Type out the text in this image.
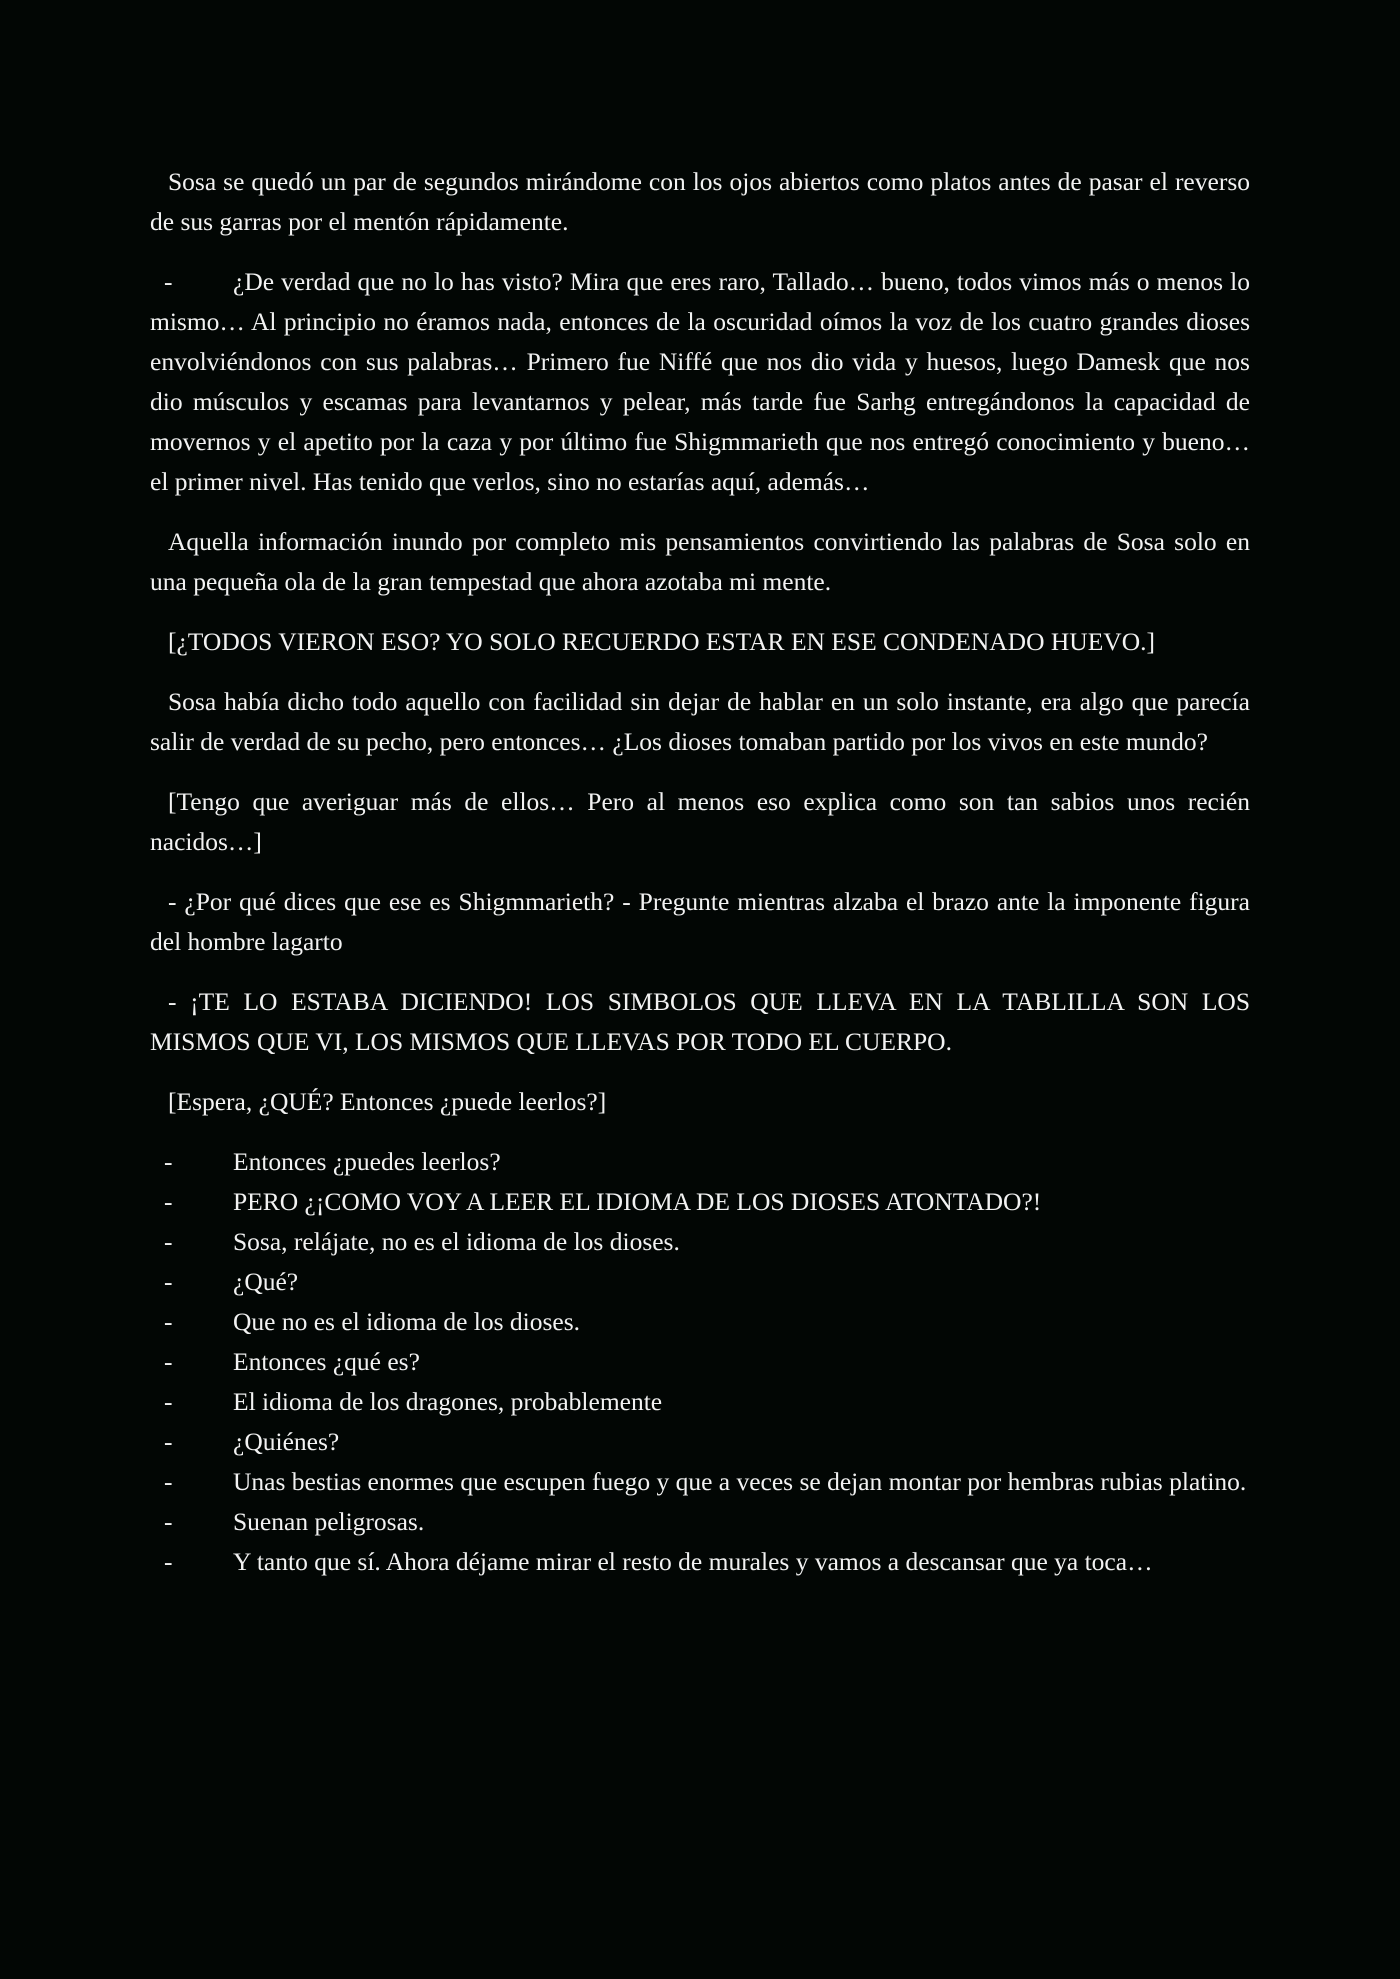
Sosa se quedó un par de segundos mirándome con los ojos abiertos como platos antes de pasar el reverso de sus garras por el mentón rápidamente.

- ¿De verdad que no lo has visto? Mira que eres raro, Tallado… bueno, todos vimos más o menos lo mismo… Al principio no éramos nada, entonces de la oscuridad oímos la voz de los cuatro grandes dioses envolviéndonos con sus palabras… Primero fue Niffé que nos dio vida y huesos, luego Damesk que nos dio músculos y escamas para levantarnos y pelear, más tarde fue Sarhg entregándonos la capacidad de movernos y el apetito por la caza y por último fue Shigmmarieth que nos entregó conocimiento y bueno… el primer nivel. Has tenido que verlos, sino no estarías aquí, además…

Aquella información inundo por completo mis pensamientos convirtiendo las palabras de Sosa solo en una pequeña ola de la gran tempestad que ahora azotaba mi mente.

[¿TODOS VIERON ESO? YO SOLO RECUERDO ESTAR EN ESE CONDENADO HUEVO.]

Sosa había dicho todo aquello con facilidad sin dejar de hablar en un solo instante, era algo que parecía salir de verdad de su pecho, pero entonces… ¿Los dioses tomaban partido por los vivos en este mundo?

[Tengo que averiguar más de ellos… Pero al menos eso explica como son tan sabios unos recién nacidos…]

- ¿Por qué dices que ese es Shigmmarieth? - Pregunte mientras alzaba el brazo ante la imponente figura del hombre lagarto

- ¡TE LO ESTABA DICIENDO! LOS SIMBOLOS QUE LLEVA EN LA TABLILLA SON LOS MISMOS QUE VI, LOS MISMOS QUE LLEVAS POR TODO EL CUERPO.

[Espera, ¿QUÉ? Entonces ¿puede leerlos?]

- Entonces ¿puedes leerlos?

- PERO ¿¡COMO VOY A LEER EL IDIOMA DE LOS DIOSES ATONTADO?!

- Sosa, relájate, no es el idioma de los dioses.

- ¿Qué?

- Que no es el idioma de los dioses.

- Entonces ¿qué es?

- El idioma de los dragones, probablemente

- ¿Quiénes?

- Unas bestias enormes que escupen fuego y que a veces se dejan montar por hembras rubias platino.

- Suenan peligrosas.

- Y tanto que sí. Ahora déjame mirar el resto de murales y vamos a descansar que ya toca…
